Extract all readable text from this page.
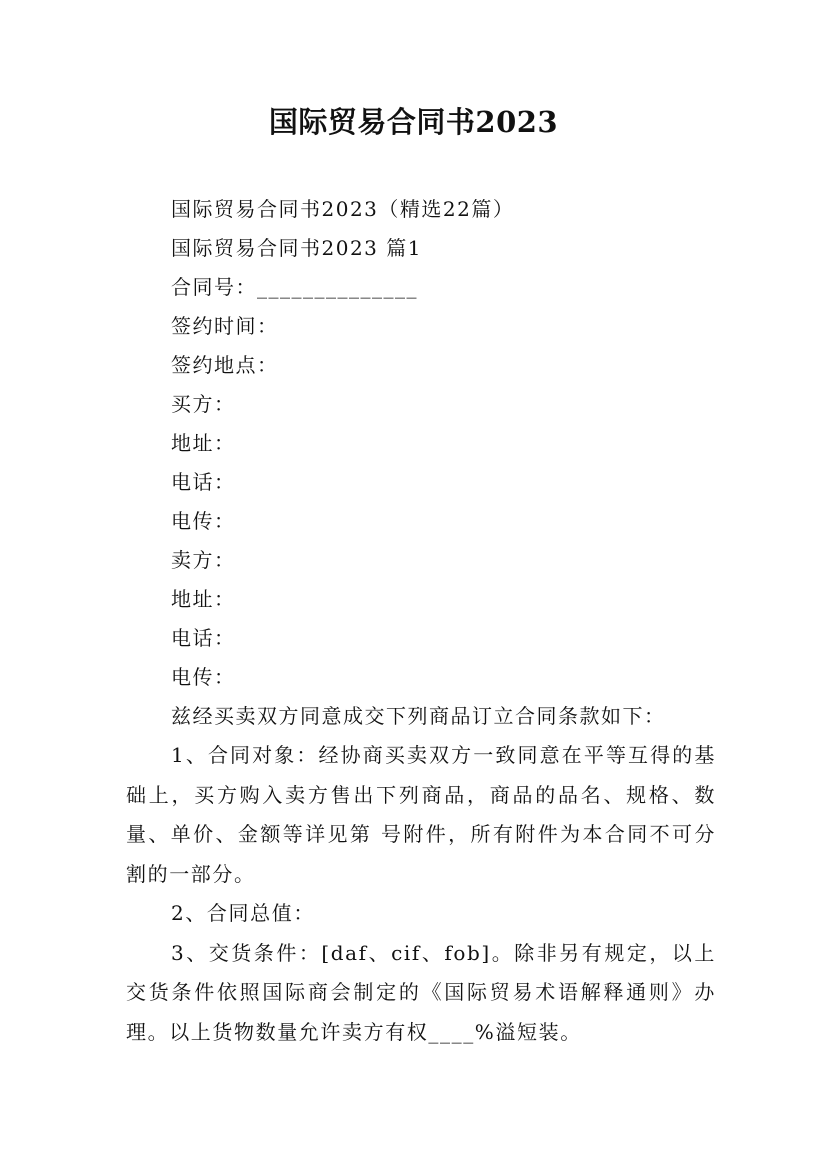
国际贸易合同书2023
国际贸易合同书2023（精选22篇）
国际贸易合同书2023 篇1
合同号：______________
签约时间：
签约地点：
买方：
地址：
电话：
电传：
卖方：
地址：
电话：
电传：
兹经买卖双方同意成交下列商品订立合同条款如下：

1、合同对象：经协商买卖双方一致同意在平等互得的基础上，买方购入卖方售出下列商品，商品的品名、规格、数量、单价、金额等详见第 号附件，所有附件为本合同不可分割的一部分。

2、合同总值：

3、交货条件：[daf、cif、fob]。除非另有规定，以上交货条件依照国际商会制定的《国际贸易术语解释通则》办理。以上货物数量允许卖方有权____%溢短装。
